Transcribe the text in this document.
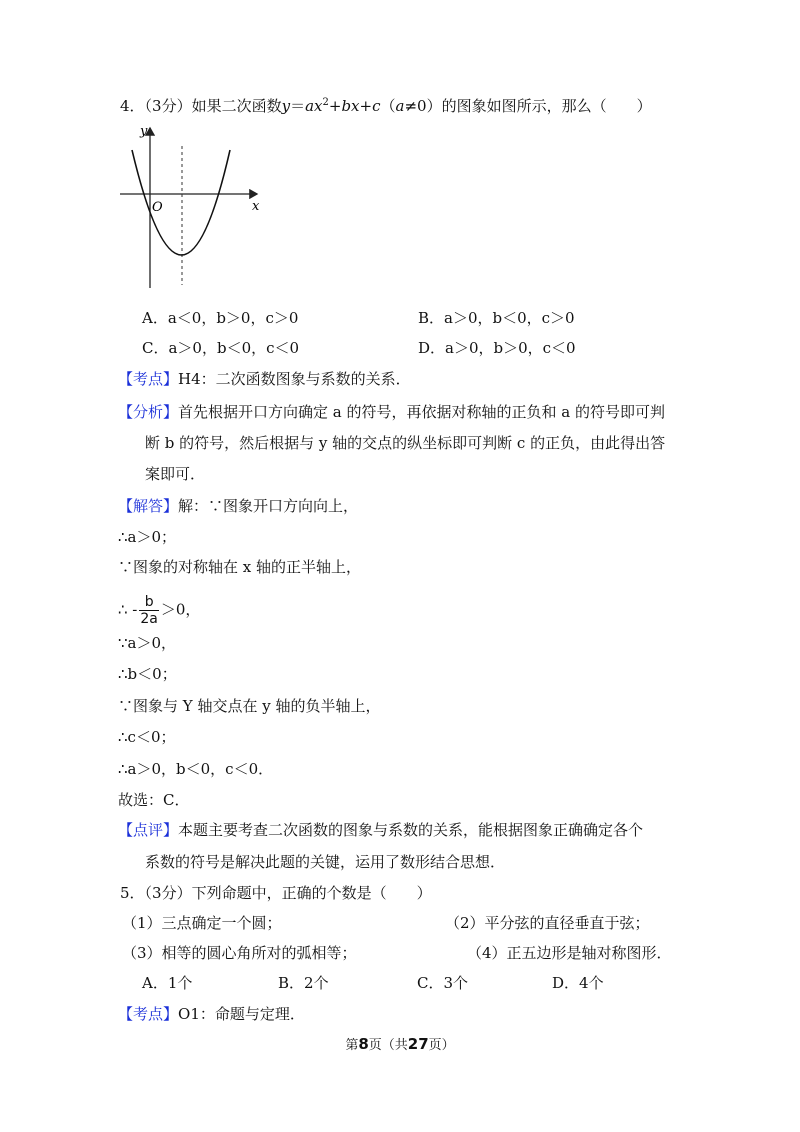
4．（3分）如果二次函数$y=ax^2+bx+c(a\ne 0)$的图象如图所示，那么（　　）
y
x
O
A．a＜0，b＞0，c＞0	B．a＞0，b＜0，c＞0
C．a＞0，b＜0，c＜0	D．a＞0，b＞0，c＜0
【考点】H4：二次函数图象与系数的关系．
【分析】首先根据开口方向确定 a 的符号，再依据对称轴的正负和 a 的符号即可判
断 b 的符号，然后根据与 y 轴的交点的纵坐标即可判断 c 的正负，由此得出答
案即可．
【解答】解：∵图象开口方向向上，
∴a＞0；
∵图象的对称轴在 x 轴的正半轴上，
∴ - $\frac{b}{2a} >0$，
∵a＞0，
∴b＜0；
∵图象与 Y 轴交点在 y 轴的负半轴上，
∴c＜0；
∴a＞0，b＜0，c＜0．
故选：C．
【点评】本题主要考查二次函数的图象与系数的关系，能根据图象正确确定各个
系数的符号是解决此题的关键，运用了数形结合思想．
5．（3分）下列命题中，正确的个数是（　　）
（1）三点确定一个圆；	（2）平分弦的直径垂直于弦；
（3）相等的圆心角所对的弧相等；	（4）正五边形是轴对称图形．
A．1个	B．2个	C．3个	D．4个
【考点】O1：命题与定理．
第8页（共27页）
